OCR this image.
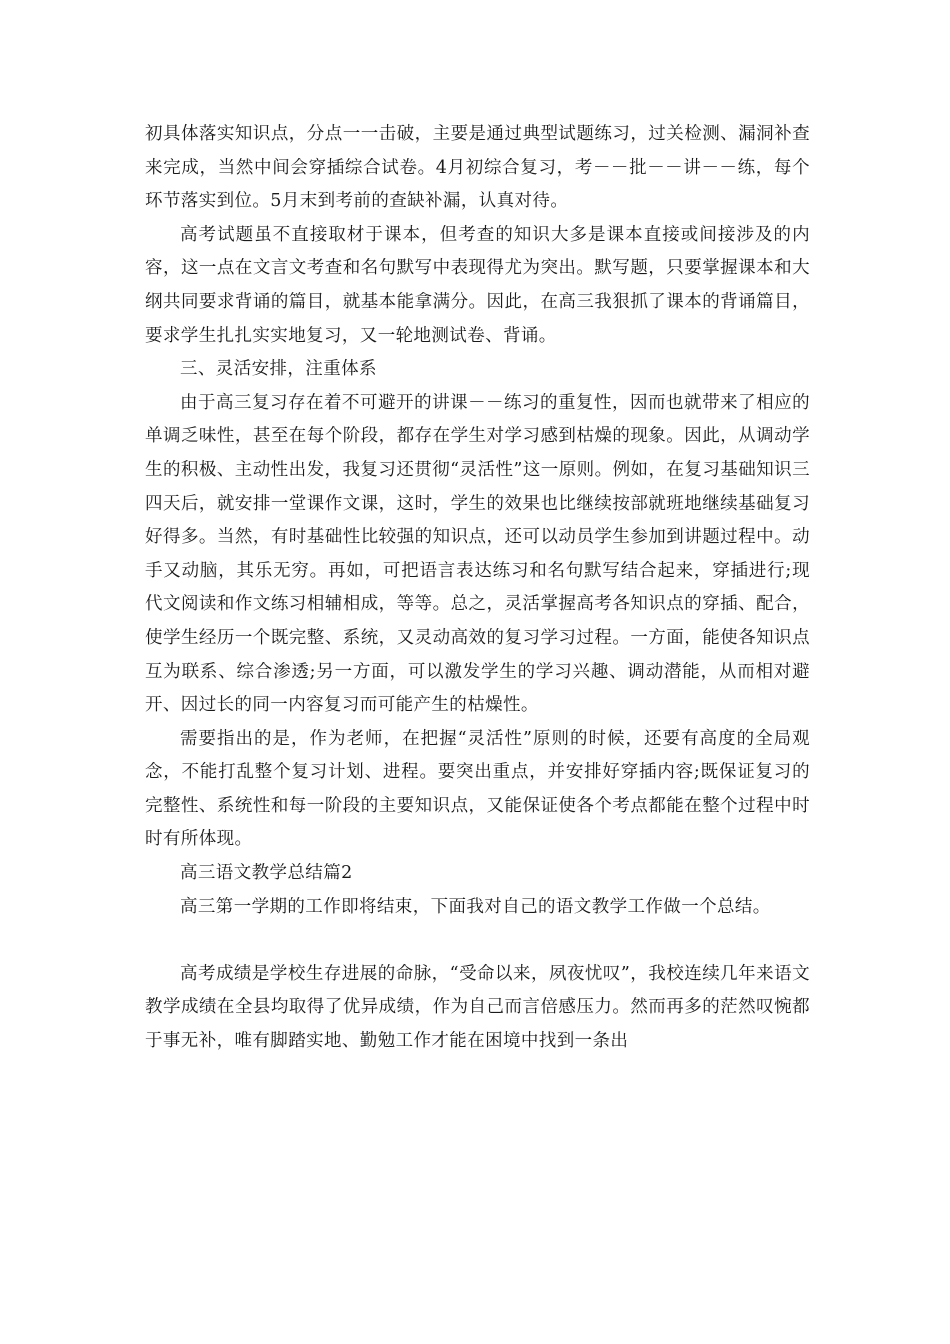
初具体落实知识点，分点一一击破，主要是通过典型试题练习，过关检测、漏洞补查来完成，当然中间会穿插综合试卷。4月初综合复习，考－－批－－讲－－练，每个环节落实到位。5月末到考前的查缺补漏，认真对待。

高考试题虽不直接取材于课本，但考查的知识大多是课本直接或间接涉及的内容，这一点在文言文考查和名句默写中表现得尤为突出。默写题，只要掌握课本和大纲共同要求背诵的篇目，就基本能拿满分。因此，在高三我狠抓了课本的背诵篇目，要求学生扎扎实实地复习，又一轮地测试卷、背诵。

三、灵活安排，注重体系

由于高三复习存在着不可避开的讲课－－练习的重复性，因而也就带来了相应的单调乏味性，甚至在每个阶段，都存在学生对学习感到枯燥的现象。因此，从调动学生的积极、主动性出发，我复习还贯彻“灵活性”这一原则。例如，在复习基础知识三四天后，就安排一堂课作文课，这时，学生的效果也比继续按部就班地继续基础复习好得多。当然，有时基础性比较强的知识点，还可以动员学生参加到讲题过程中。动手又动脑，其乐无穷。再如，可把语言表达练习和名句默写结合起来，穿插进行;现代文阅读和作文练习相辅相成，等等。总之，灵活掌握高考各知识点的穿插、配合，使学生经历一个既完整、系统，又灵动高效的复习学习过程。一方面，能使各知识点互为联系、综合渗透;另一方面，可以激发学生的学习兴趣、调动潜能，从而相对避开、因过长的同一内容复习而可能产生的枯燥性。

需要指出的是，作为老师，在把握“灵活性”原则的时候，还要有高度的全局观念，不能打乱整个复习计划、进程。要突出重点，并安排好穿插内容;既保证复习的完整性、系统性和每一阶段的主要知识点，又能保证使各个考点都能在整个过程中时时有所体现。

高三语文教学总结篇2

高三第一学期的工作即将结束，下面我对自己的语文教学工作做一个总结。

高考成绩是学校生存进展的命脉，“受命以来，夙夜忧叹”，我校连续几年来语文教学成绩在全县均取得了优异成绩，作为自己而言倍感压力。然而再多的茫然叹惋都于事无补，唯有脚踏实地、勤勉工作才能在困境中找到一条出
